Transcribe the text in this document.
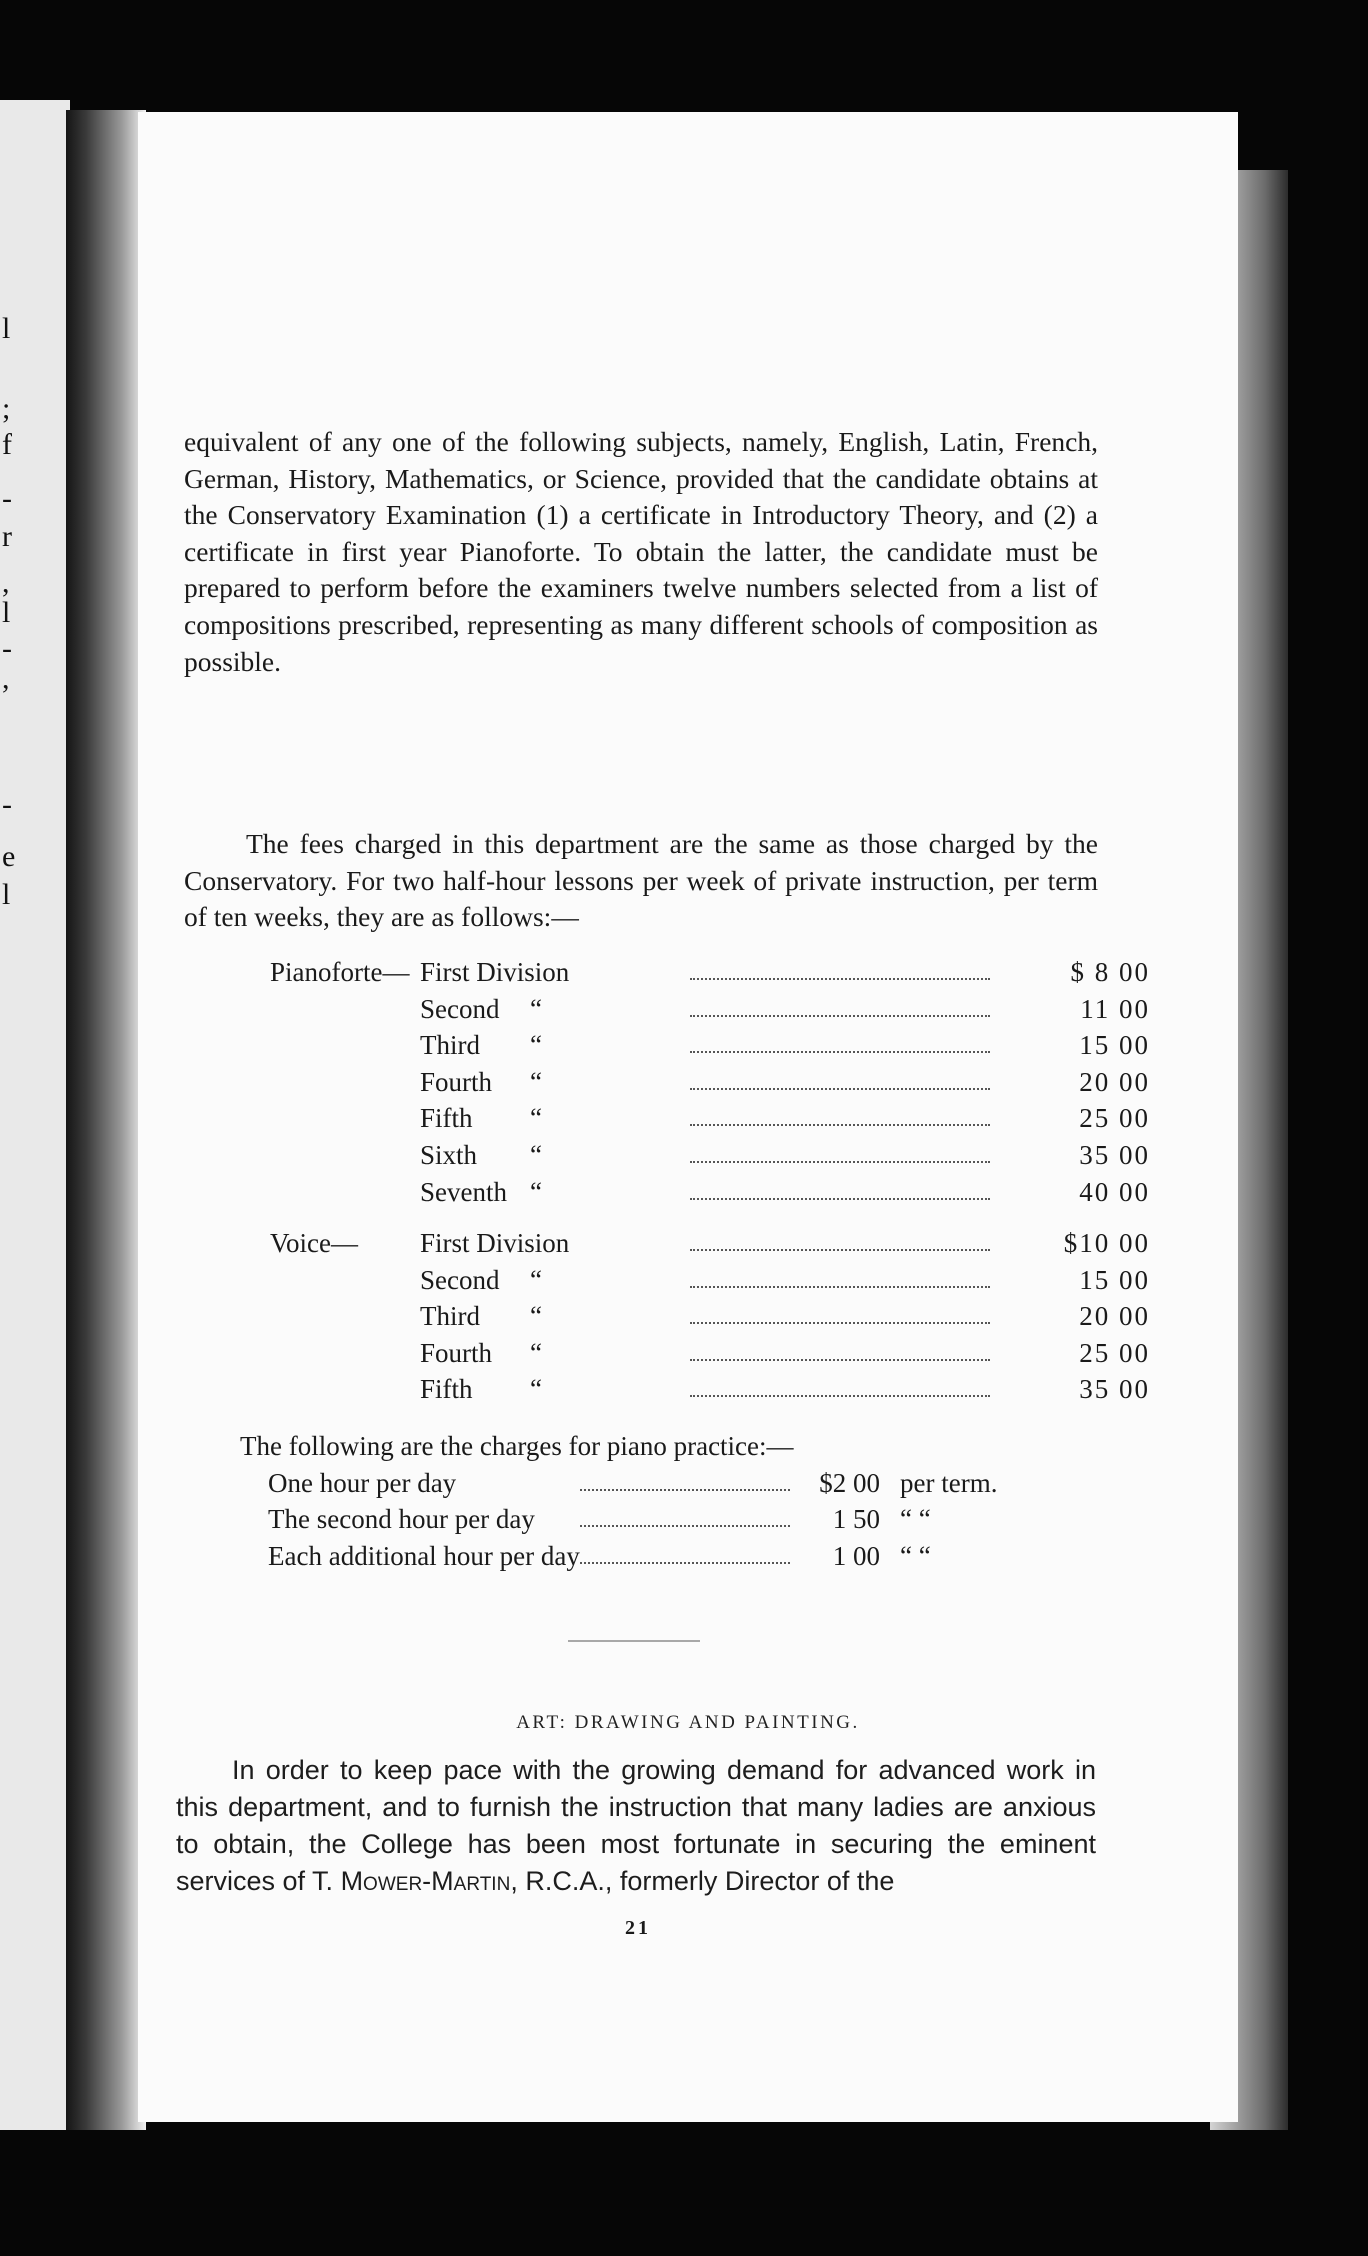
l
;
f
-
r
,
l
-
,
-
e
l

equivalent of any one of the following subjects, namely, English, Latin, French, German, History, Mathematics, or Science, provided that the candidate obtains at the Conservatory Examination (1) a certificate in Introductory Theory, and (2) a certificate in first year Pianoforte. To obtain the latter, the candidate must be prepared to perform before the examiners twelve numbers selected from a list of compositions prescribed, representing as many different schools of composition as possible.

The fees charged in this department are the same as those charged by the Conservatory. For two half-hour lessons per week of private instruction, per term of ten weeks, they are as follows:—

Pianoforte— First Division	$ 8 00
Second “	11 00
Third “	15 00
Fourth “	20 00
Fifth “	25 00
Sixth “	35 00
Seventh “	40 00
Voice— First Division	$10 00
Second “	15 00
Third “	20 00
Fourth “	25 00
Fifth “	35 00

The following are the charges for piano practice:—

One hour per day	$2 00 per term.
The second hour per day	1 50 “ “
Each additional hour per day	1 00 “ “
ART: DRAWING AND PAINTING.

In order to keep pace with the growing demand for advanced work in this department, and to furnish the instruction that many ladies are anxious to obtain, the College has been most fortunate in securing the eminent services of T. Mower-Martin, R.C.A., formerly Director of the

21
